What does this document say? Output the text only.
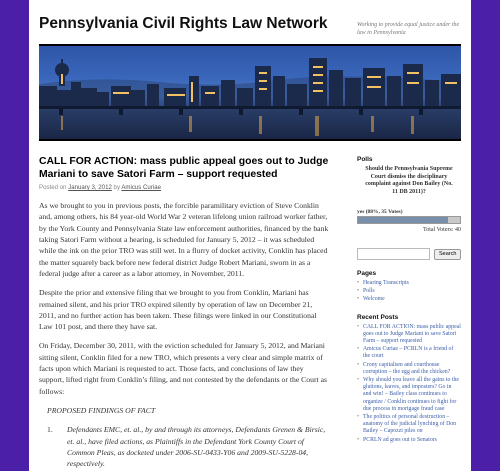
Pennsylvania Civil Rights Law Network	Working to provide equal justice under the law in Pennsylvania
CALL FOR ACTION: mass public appeal goes out to Judge Mariani to save Satori Farm – support requested
Posted on January 3, 2012 by Amicus Curiae

As we brought to you in previous posts, the forcible paramilitary eviction of Steve Conklin and, among others, his 84 year-old World War 2 veteran lifelong union railroad worker father, by the York County and Pennsylvania State law enforcement authorities, financed by the bank taking Satori Farm without a hearing, is scheduled for January 5, 2012 – it was scheduled while the ink on the prior TRO was still wet. In a flurry of docket activity, Conklin has placed the matter squarely back before new federal district Judge Robert Mariani, sworn in as a federal judge after a career as a labor attorney, in November, 2011.

Despite the prior and extensive filing that we brought to you from Conklin, Mariani has remained silent, and his prior TRO expired silently by operation of law on December 21, 2011, and no further action has been taken. These filings were linked in our Constitutional Law 101 post, and there they have sat.

On Friday, December 30, 2011, with the eviction scheduled for January 5, 2012, and Mariani sitting silent, Conklin filed for a new TRO, which presents a very clear and simple matrix of facts upon which Mariani is requested to act. Those facts, and conclusions of law they support, lifted right from Conklin’s filing, and not contested by the defendants or the Court as follows:

PROPOSED FINDINGS OF FACT
1.	Defendants EMC, et. al., by and through its attorneys, Defendants Grenen & Birsic, et. al., have filed actions, as Plaintiffs in the Defendant York County Court of Common Pleas, as docketed under 2006-SU-0433-Y06 and 2009-SU-5228-04, respectively.
Polls
Should the Pennsylvania Supreme Court dismiss the disciplinary complaint against Don Bailey (No. 11 DB 2011)?
yes (88%, 35 Votes)
Total Voters: 40
Search
Pages
• Hearing Transcripts
• Polls
• Welcome
Recent Posts
• CALL FOR ACTION: mass public appeal goes out to Judge Mariani to save Satori Farm – support requested
• Amicus Curiae – PCRLN is a friend of the court
• Crony capitalism and courthouse corruption – the egg and the chicken?
• Why should you leave all the gains to the gluttons, leaves, and imposters? Go in and win! – Bailey class continues to organize / Conklin continues to fight for due process in mortgage fraud case
• The politics of personal destruction – anatomy of the judicial lynching of Don Bailey – Capozzi piles on
• PCRLN ad goes out to Senators
